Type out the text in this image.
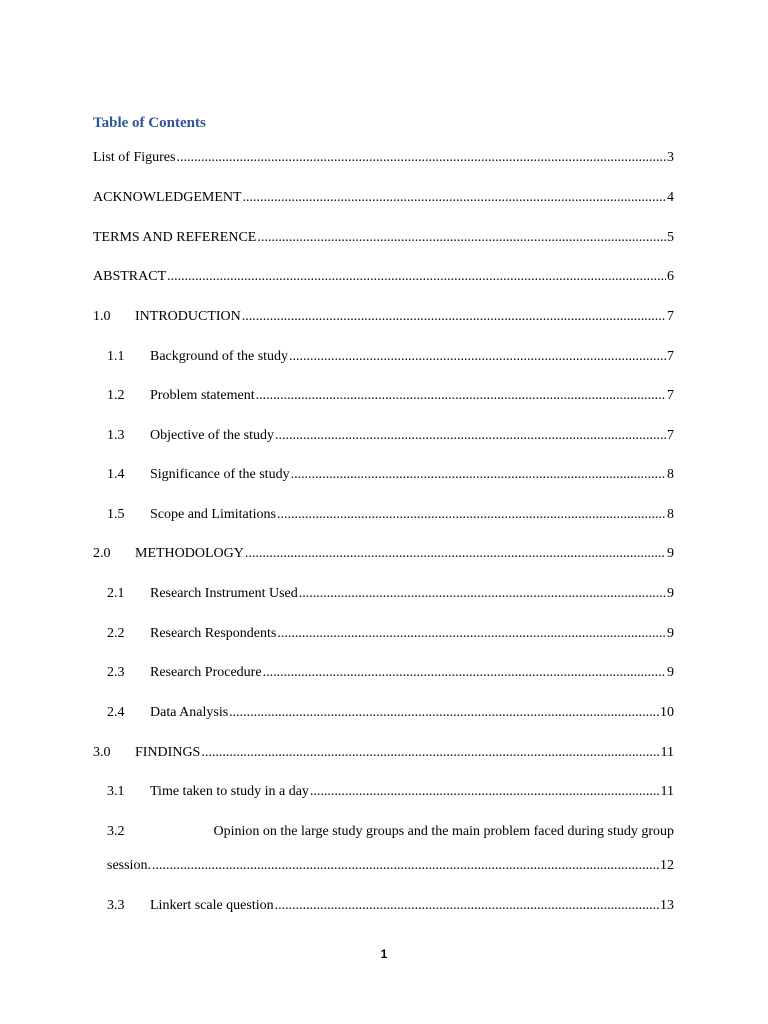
Table of Contents
List of Figures .....	3
ACKNOWLEDGEMENT .....	4
TERMS AND REFERENCE .....	5
ABSTRACT .....	6
1.0	INTRODUCTION .....	7
1.1	Background of the study .....	7
1.2	Problem statement .....	7
1.3	Objective of the study .....	7
1.4	Significance of the study .....	8
1.5	Scope and Limitations .....	8
2.0	METHODOLOGY .....	9
2.1	Research Instrument Used .....	9
2.2	Research Respondents .....	9
2.3	Research Procedure .....	9
2.4	Data Analysis .....	10
3.0	FINDINGS .....	11
3.1	Time taken to study in a day .....	11
3.2	Opinion on the large study groups and the main problem faced during study group
session. .....	12
3.3	Linkert scale question .....	13
1
